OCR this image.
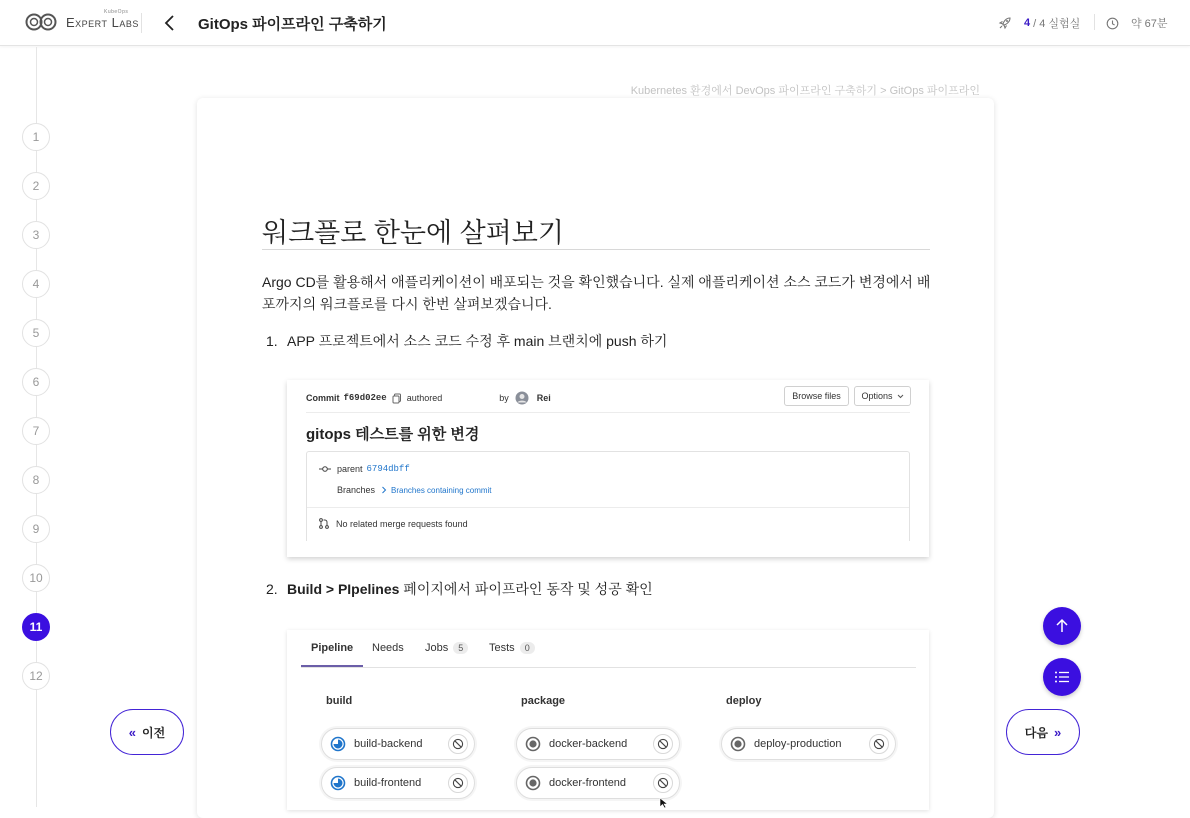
KubeOps
Expert Labs	GitOps 파이프라인 구축하기	4 / 4 실험실	약 67분
1
2
3
4
5
6
7
8
9
10
11
12
Kubernetes 환경에서 DevOps 파이프라인 구축하기 > GitOps 파이프라인
워크플로 한눈에 살펴보기
Argo CD를 활용해서 애플리케이션이 배포되는 것을 확인했습니다. 실제 애플리케이션 소스 코드가 변경에서 배포까지의 워크플로를 다시 한번 살펴보겠습니다.
1. APP 프로젝트에서 소스 코드 수정 후 main 브랜치에 push 하기
Commit f69d02ee authored	by	Rei	Browse files	Options
gitops 테스트를 위한 변경
parent 6794dbff
Branches Branches containing commit
No related merge requests found
2. Build > PIpelines 페이지에서 파이프라인 동작 및 성공 확인
Pipeline Needs Jobs	5	Tests	0
build	package	deploy
build-backend
build-frontend
docker-backend
docker-frontend
deploy-production
« 이전	다음 »
